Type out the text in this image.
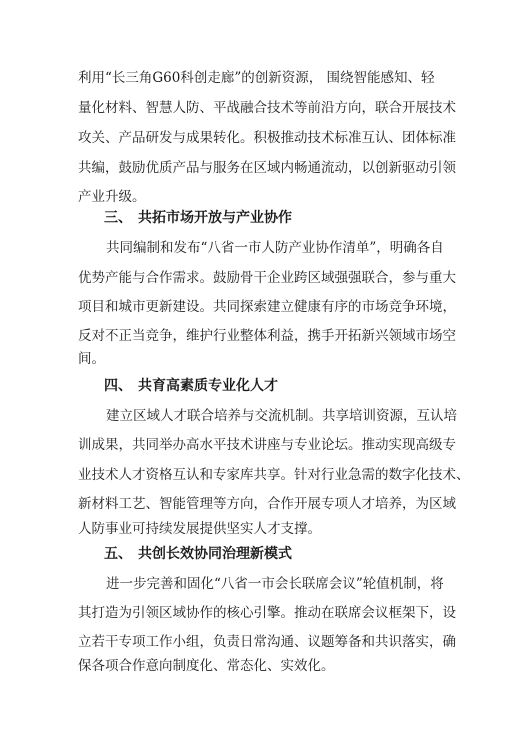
利用“长三角G60科创走廊”的创新资源， 围绕智能感知、轻
量化材料、智慧人防、平战融合技术等前沿方向，联合开展技术
攻关、产品研发与成果转化。积极推动技术标准互认、团体标准
共编，鼓励优质产品与服务在区域内畅通流动，以创新驱动引领
产业升级。
三、 共拓市场开放与产业协作
共同编制和发布“八省一市人防产业协作清单”，明确各自
优势产能与合作需求。鼓励骨干企业跨区域强强联合，参与重大
项目和城市更新建设。共同探索建立健康有序的市场竞争环境，
反对不正当竞争，维护行业整体利益，携手开拓新兴领域市场空
间。
四、 共育高素质专业化人才
建立区域人才联合培养与交流机制。共享培训资源，互认培
训成果，共同举办高水平技术讲座与专业论坛。推动实现高级专
业技术人才资格互认和专家库共享。针对行业急需的数字化技术、
新材料工艺、智能管理等方向，合作开展专项人才培养，为区域
人防事业可持续发展提供坚实人才支撑。
五、 共创长效协同治理新模式
进一步完善和固化“八省一市会长联席会议”轮值机制，将
其打造为引领区域协作的核心引擎。推动在联席会议框架下，设
立若干专项工作小组，负责日常沟通、议题筹备和共识落实，确
保各项合作意向制度化、常态化、实效化。
